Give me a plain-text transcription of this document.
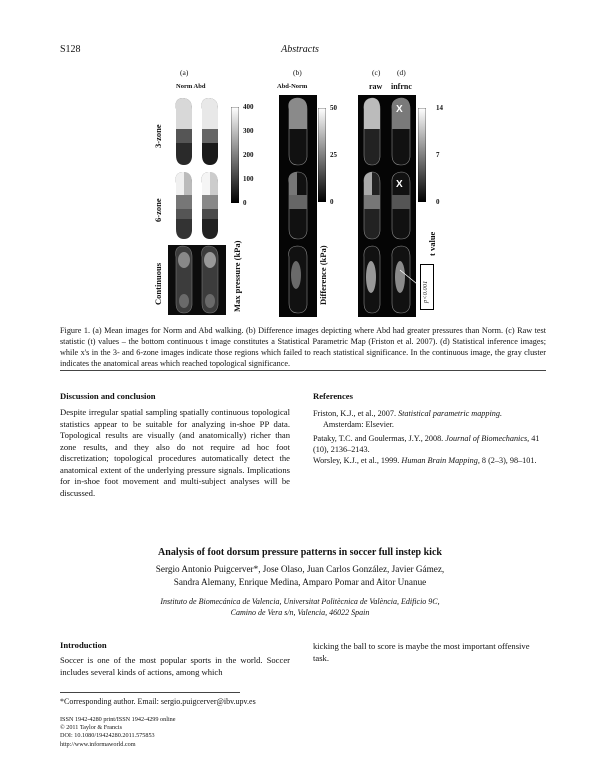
S128	Abstracts
(a)	(b)	(c) (d)
Norm Abd	Abd-Norm	raw infrnc
3-zone
6-zone
Continuous
400
300
200
100
0
Max pressure (kPa)
50
25
0
Difference (kPa)
X
X
14
7
0
t value
p<0.001
Figure 1. (a) Mean images for Norm and Abd walking. (b) Difference images depicting where Abd had greater pressures than Norm. (c) Raw test statistic (t) values – the bottom continuous t image constitutes a Statistical Parametric Map (Friston et al. 2007). (d) Statistical inference images; while x's in the 3- and 6-zone images indicate those regions which failed to reach statistical significance. In the continuous image, the gray cluster indicates the anatomical areas which reached topological significance.
Discussion and conclusion
Despite irregular spatial sampling spatially continuous topological statistics appear to be suitable for analyzing in-shoe PP data. Topological results are visually (and anatomically) richer than zone results, and they also do not require ad hoc foot discretization; topological procedures automatically detect the anatomical extent of the underlying pressure signals. Implications for in-shoe foot movement and multi-subject analyses will be discussed.
References
Friston, K.J., et al., 2007. Statistical parametric mapping.
Amsterdam: Elsevier.
Pataky, T.C. and Goulermas, J.Y., 2008. Journal of Biomechanics, 41 (10), 2136–2143.
Worsley, K.J., et al., 1999. Human Brain Mapping, 8 (2–3), 98–101.
Analysis of foot dorsum pressure patterns in soccer full instep kick
Sergio Antonio Puigcerver*, Jose Olaso, Juan Carlos González, Javier Gámez,
Sandra Alemany, Enrique Medina, Amparo Pomar and Aitor Unanue
Instituto de Biomecánica de Valencia, Universitat Politècnica de València, Edificio 9C,
Camino de Vera s/n, Valencia, 46022 Spain
Introduction
Soccer is one of the most popular sports in the world. Soccer includes several kinds of actions, among which
kicking the ball to score is maybe the most important offensive task.
*Corresponding author. Email: sergio.puigcerver@ibv.upv.es
ISSN 1942-4280 print/ISSN 1942-4299 online
© 2011 Taylor & Francis
DOI: 10.1080/19424280.2011.575853
http://www.informaworld.com
